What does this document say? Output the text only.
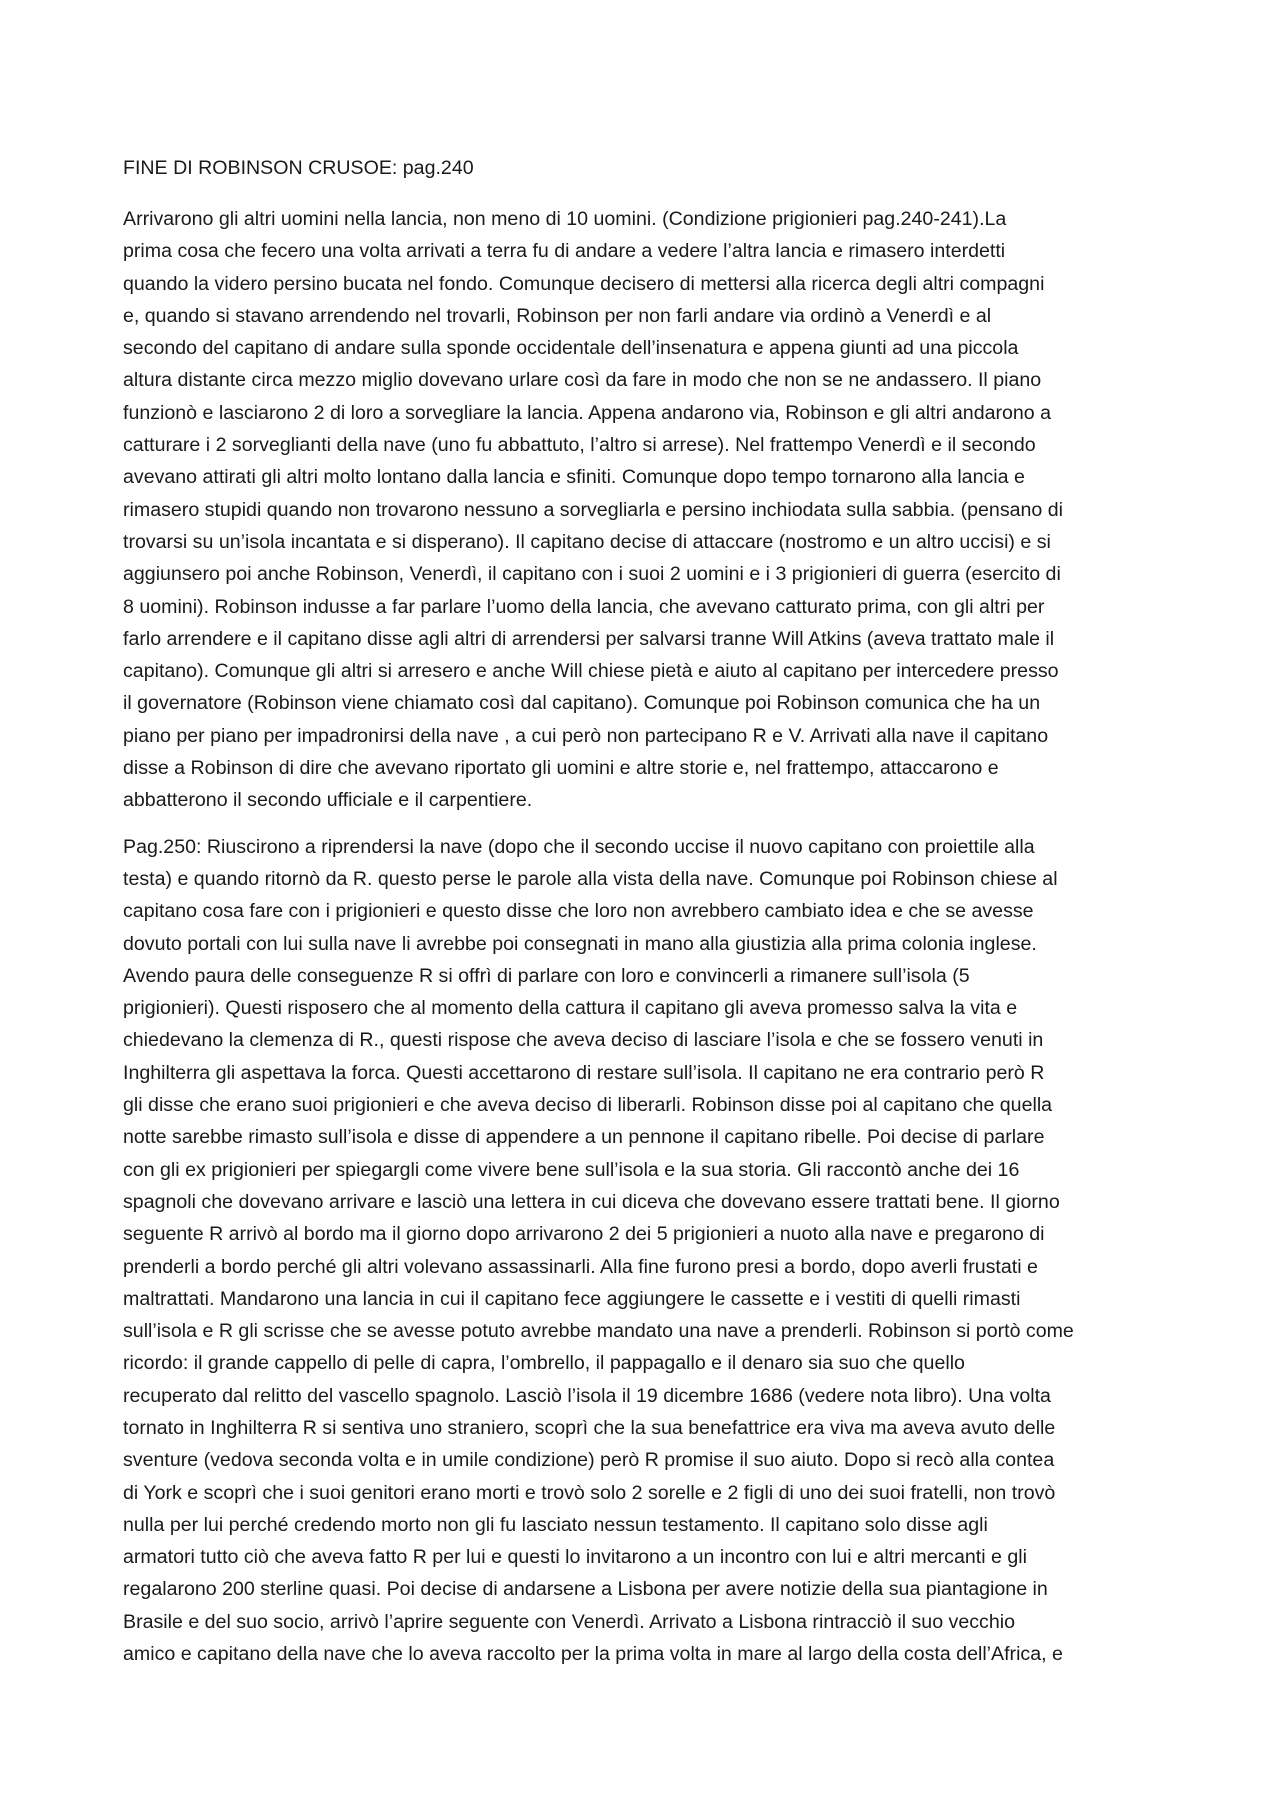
FINE DI ROBINSON CRUSOE: pag.240
Arrivarono gli altri uomini nella lancia, non meno di 10 uomini. (Condizione prigionieri pag.240-241).La
prima cosa che fecero una volta arrivati a terra fu di andare a vedere l’altra lancia e rimasero interdetti
quando la videro persino bucata nel fondo. Comunque decisero di mettersi alla ricerca degli altri compagni
e, quando si stavano arrendendo nel trovarli, Robinson per non farli andare via ordinò a Venerdì e al
secondo del capitano di andare sulla sponde occidentale dell’insenatura e appena giunti ad una piccola
altura distante circa mezzo miglio dovevano urlare così da fare in modo che non se ne andassero. Il piano
funzionò e lasciarono 2 di loro a sorvegliare la lancia. Appena andarono via, Robinson e gli altri andarono a
catturare i 2 sorveglianti della nave (uno fu abbattuto, l’altro si arrese). Nel frattempo Venerdì e il secondo
avevano attirati gli altri molto lontano dalla lancia e sfiniti. Comunque dopo tempo tornarono alla lancia e
rimasero stupidi quando non trovarono nessuno a sorvegliarla e persino inchiodata sulla sabbia. (pensano di
trovarsi su un’isola incantata e si disperano). Il capitano decise di attaccare (nostromo e un altro uccisi) e si
aggiunsero poi anche Robinson, Venerdì, il capitano con i suoi 2 uomini e i 3 prigionieri di guerra (esercito di
8 uomini). Robinson indusse a far parlare l’uomo della lancia, che avevano catturato prima, con gli altri per
farlo arrendere e il capitano disse agli altri di arrendersi per salvarsi tranne Will Atkins (aveva trattato male il
capitano). Comunque gli altri si arresero e anche Will chiese pietà e aiuto al capitano per intercedere presso
il governatore (Robinson viene chiamato così dal capitano). Comunque poi Robinson comunica che ha un
piano per piano per impadronirsi della nave , a cui però non partecipano R e V. Arrivati alla nave il capitano
disse a Robinson di dire che avevano riportato gli uomini e altre storie e, nel frattempo, attaccarono e
abbatterono il secondo ufficiale e il carpentiere.
Pag.250: Riuscirono a riprendersi la nave (dopo che il secondo uccise il nuovo capitano con proiettile alla
testa) e quando ritornò da R. questo perse le parole alla vista della nave. Comunque poi Robinson chiese al
capitano cosa fare con i prigionieri e questo disse che loro non avrebbero cambiato idea e che se avesse
dovuto portali con lui sulla nave li avrebbe poi consegnati in mano alla giustizia alla prima colonia inglese.
Avendo paura delle conseguenze R si offrì di parlare con loro e convincerli a rimanere sull’isola (5
prigionieri). Questi risposero che al momento della cattura il capitano gli aveva promesso salva la vita e
chiedevano la clemenza di R., questi rispose che aveva deciso di lasciare l’isola e che se fossero venuti in
Inghilterra gli aspettava la forca. Questi accettarono di restare sull’isola. Il capitano ne era contrario però R
gli disse che erano suoi prigionieri e che aveva deciso di liberarli. Robinson disse poi al capitano che quella
notte sarebbe rimasto sull’isola e disse di appendere a un pennone il capitano ribelle. Poi decise di parlare
con gli ex prigionieri per spiegargli come vivere bene sull’isola e la sua storia. Gli raccontò anche dei 16
spagnoli che dovevano arrivare e lasciò una lettera in cui diceva che dovevano essere trattati bene. Il giorno
seguente R arrivò al bordo ma il giorno dopo arrivarono 2 dei 5 prigionieri a nuoto alla nave e pregarono di
prenderli a bordo perché gli altri volevano assassinarli. Alla fine furono presi a bordo, dopo averli frustati e
maltrattati. Mandarono una lancia in cui il capitano fece aggiungere le cassette e i vestiti di quelli rimasti
sull’isola e R gli scrisse che se avesse potuto avrebbe mandato una nave a prenderli. Robinson si portò come
ricordo: il grande cappello di pelle di capra, l’ombrello, il pappagallo e il denaro sia suo che quello
recuperato dal relitto del vascello spagnolo. Lasciò l’isola il 19 dicembre 1686 (vedere nota libro). Una volta
tornato in Inghilterra R si sentiva uno straniero, scoprì che la sua benefattrice era viva ma aveva avuto delle
sventure (vedova seconda volta e in umile condizione) però R promise il suo aiuto. Dopo si recò alla contea
di York e scoprì che i suoi genitori erano morti e trovò solo 2 sorelle e 2 figli di uno dei suoi fratelli, non trovò
nulla per lui perché credendo morto non gli fu lasciato nessun testamento. Il capitano solo disse agli
armatori tutto ciò che aveva fatto R per lui e questi lo invitarono a un incontro con lui e altri mercanti e gli
regalarono 200 sterline quasi. Poi decise di andarsene a Lisbona per avere notizie della sua piantagione in
Brasile e del suo socio, arrivò l’aprire seguente con Venerdì. Arrivato a Lisbona rintracciò il suo vecchio
amico e capitano della nave che lo aveva raccolto per la prima volta in mare al largo della costa dell’Africa, e
